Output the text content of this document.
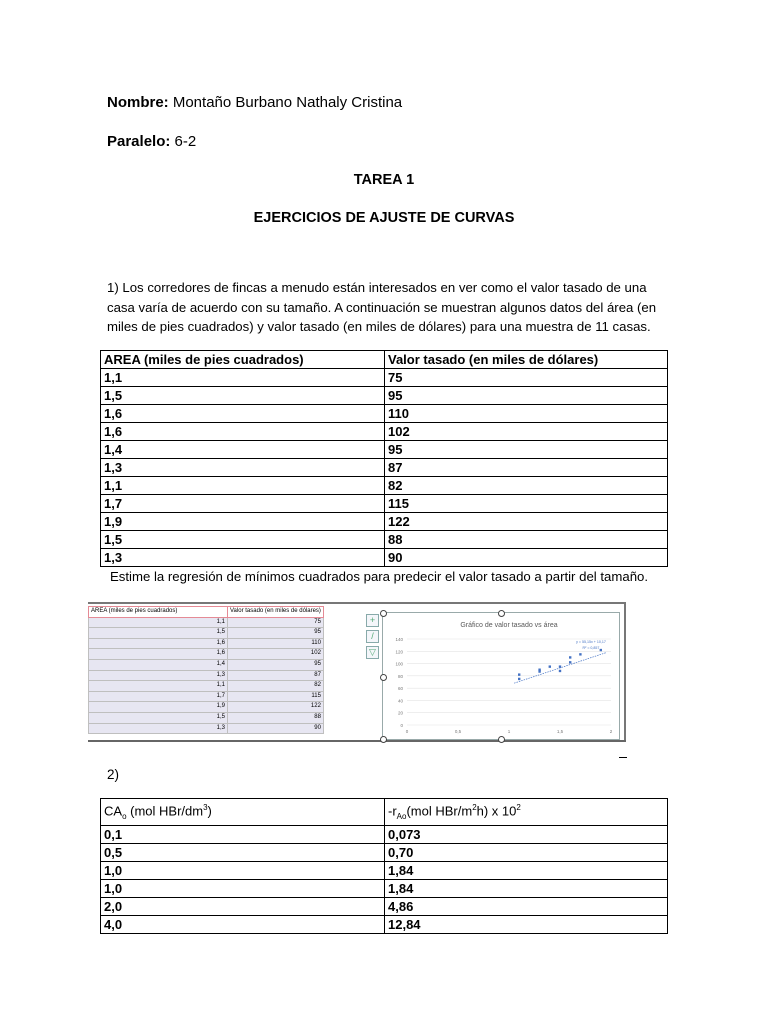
Nombre: Montaño Burbano Nathaly Cristina
Paralelo: 6-2
TAREA 1
EJERCICIOS DE AJUSTE DE CURVAS
1) Los corredores de fincas a menudo están interesados en ver como el valor tasado de una casa varía de acuerdo con su tamaño. A continuación se muestran algunos datos del área (en miles de pies cuadrados) y valor tasado (en miles de dólares) para una muestra de 11 casas.
AREA (miles de pies cuadrados)	Valor tasado (en miles de dólares)
1,1	75
1,5	95
1,6	110
1,6	102
1,4	95
1,3	87
1,1	82
1,7	115
1,9	122
1,5	88
1,3	90
Estime la regresión de mínimos cuadrados para predecir el valor tasado a partir del tamaño.
AREA (miles de pies cuadrados)	Valor tasado (en miles de dólares)
1,1	75
1,5	95
1,6	110
1,6	102
1,4	95
1,3	87
1,1	82
1,7	115
1,9	122
1,5	88
1,3	90
Gráfico de valor tasado vs área
0
20
40
60
80
100
120
140
0	0,5	1	1,5	2
y = 55,15x + 10,17
R² = 0,857
+
/
▽
2)
$CA_o$ (mol HBr/$dm^3$)	$-r_{Ao}(mol$ HBr/$m^2h$) x $10^2$
0,1	0,073
0,5	0,70
1,0	1,84
1,0	1,84
2,0	4,86
4,0	12,84
